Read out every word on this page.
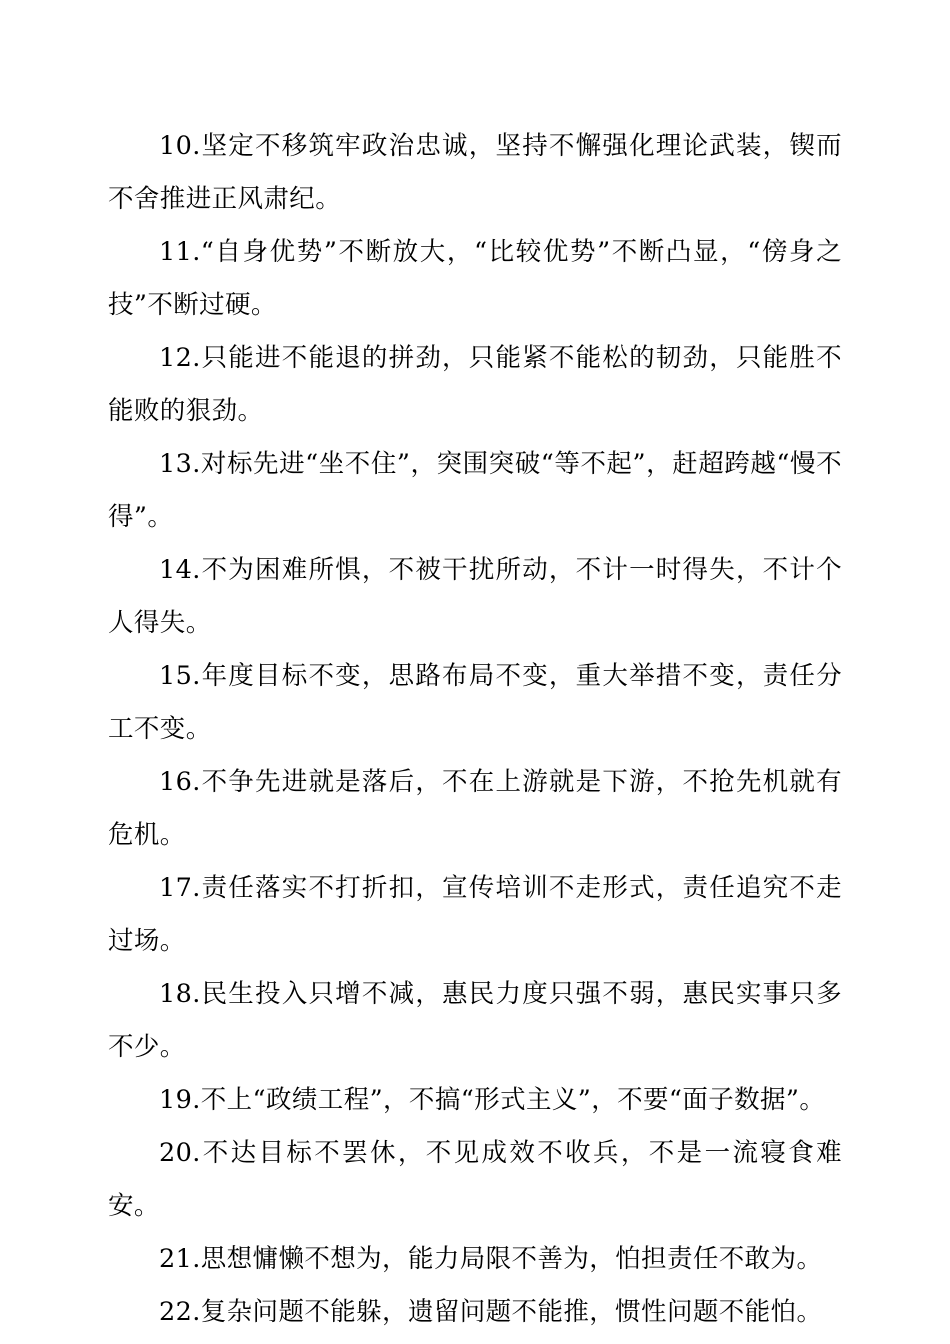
10.坚定不移筑牢政治忠诚，坚持不懈强化理论武装，锲而不舍推进正风肃纪。

11.“自身优势”不断放大，“比较优势”不断凸显，“傍身之技”不断过硬。

12.只能进不能退的拼劲，只能紧不能松的韧劲，只能胜不能败的狠劲。

13.对标先进“坐不住”，突围突破“等不起”，赶超跨越“慢不得”。

14.不为困难所惧，不被干扰所动，不计一时得失，不计个人得失。

15.年度目标不变，思路布局不变，重大举措不变，责任分工不变。

16.不争先进就是落后，不在上游就是下游，不抢先机就有危机。

17.责任落实不打折扣，宣传培训不走形式，责任追究不走过场。

18.民生投入只增不减，惠民力度只强不弱，惠民实事只多不少。

19.不上“政绩工程”，不搞“形式主义”，不要“面子数据”。

20.不达目标不罢休，不见成效不收兵，不是一流寝食难安。

21.思想慵懒不想为，能力局限不善为，怕担责任不敢为。

22.复杂问题不能躲，遗留问题不能推，惯性问题不能怕。
